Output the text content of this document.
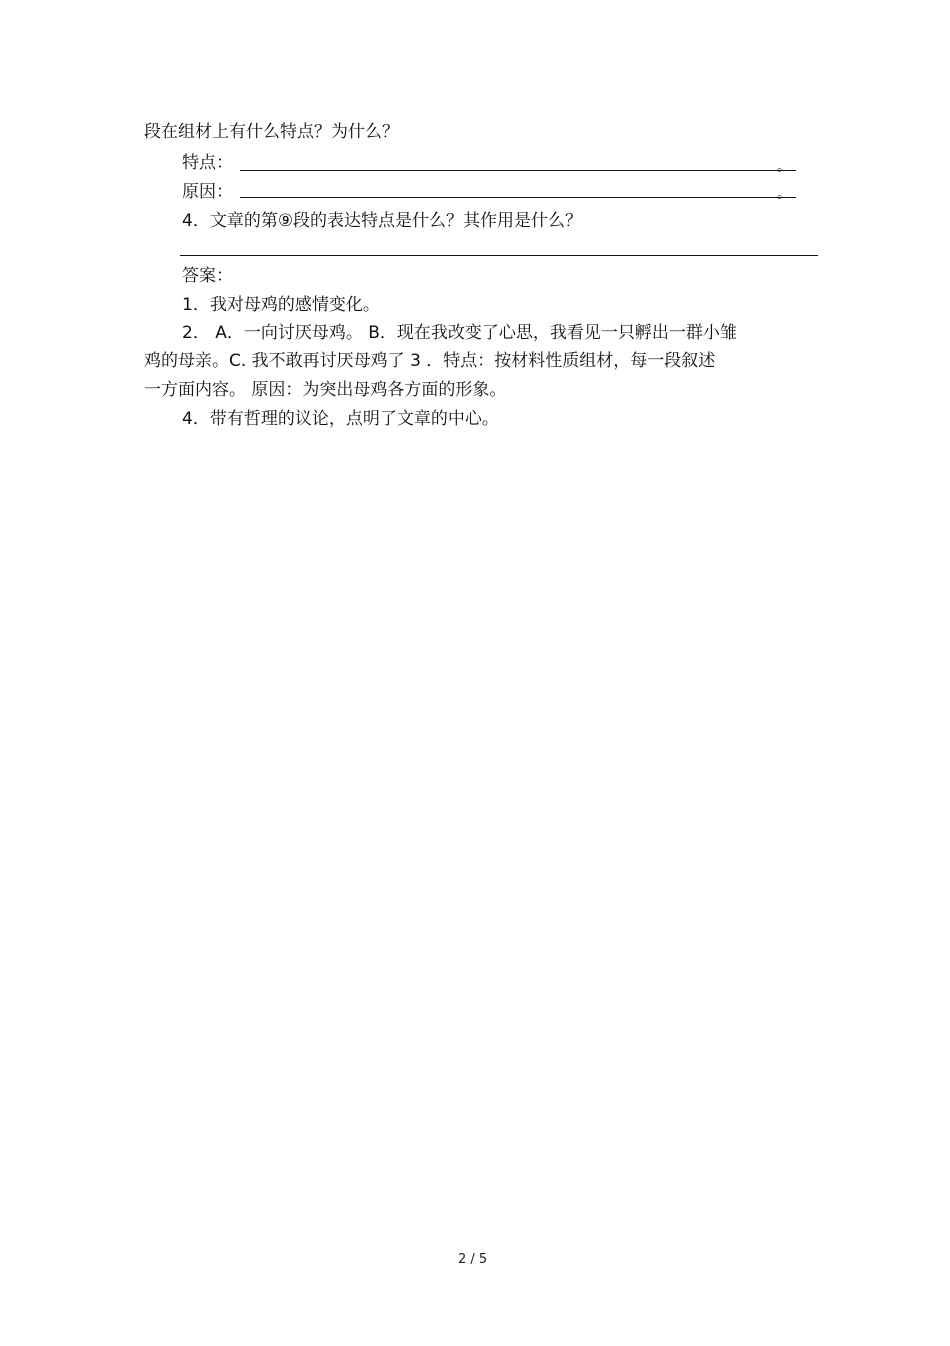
段在组材上有什么特点？为什么？
特点：	。
原因：	。
4．文章的第⑨段的表达特点是什么？其作用是什么？
答案：
1．我对母鸡的感情变化。
2． A．一向讨厌母鸡。 B．现在我改变了心思，我看见一只孵出一群小雏
鸡的母亲。C. 我不敢再讨厌母鸡了 3 ．特点：按材料性质组材，每一段叙述
一方面内容。 原因：为突出母鸡各方面的形象。
4．带有哲理的议论，点明了文章的中心。
2 / 5
